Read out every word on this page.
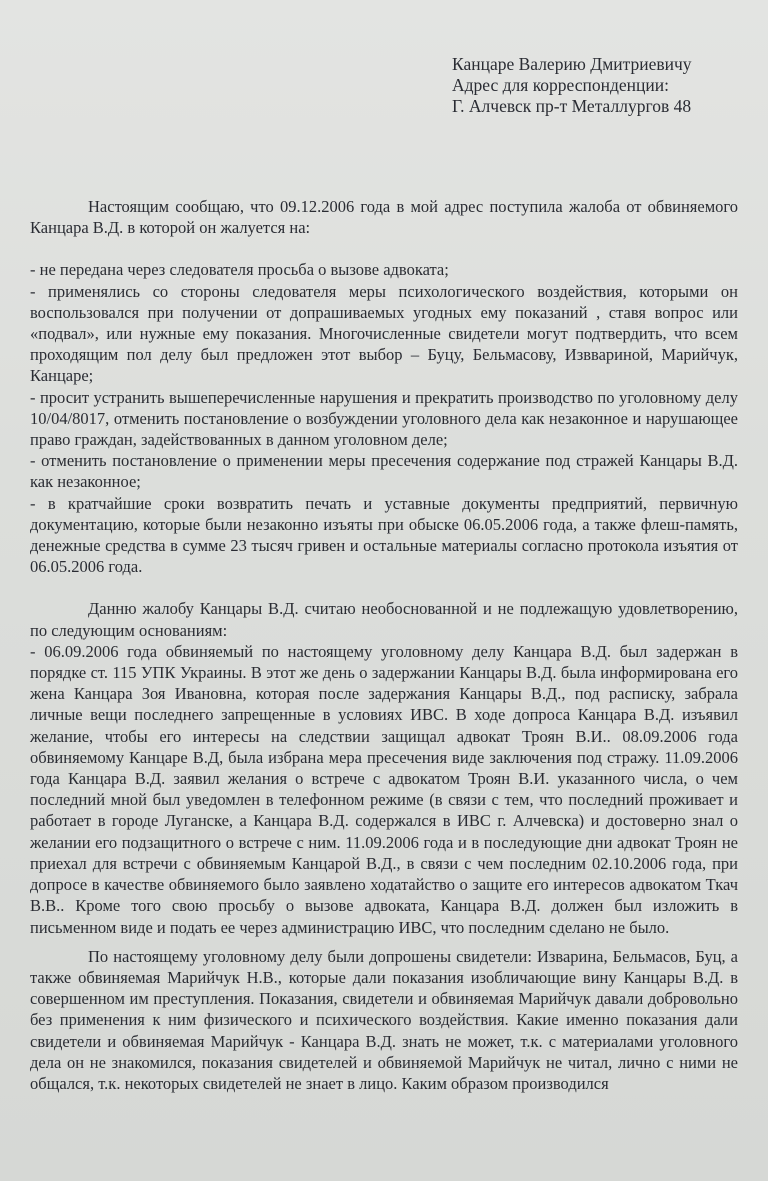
Канцаре Валерию Дмитриевичу
Адрес для корреспонденции:
Г. Алчевск пр-т Металлургов 48

Настоящим сообщаю, что 09.12.2006 года в мой адрес поступила жалоба от обвиняемого Канцара В.Д. в которой он жалуется на:

- не передана через следователя просьба о вызове адвоката;

- применялись со стороны следователя меры психологического воздействия, которыми он воспользовался при получении от допрашиваемых угодных ему показаний , ставя вопрос или «подвал», или нужные ему показания. Многочисленные свидетели могут подтвердить, что всем проходящим пол делу был предложен этот выбор – Буцу, Бельмасову, Изввариной, Марийчук, Канцаре;

- просит устранить вышеперечисленные нарушения и прекратить производство по уголовному делу 10/04/8017, отменить постановление о возбуждении уголовного дела как незаконное и нарушающее право граждан, задействованных в данном уголовном деле;

- отменить постановление о применении меры пресечения содержание под стражей Канцары В.Д. как незаконное;

- в кратчайшие сроки возвратить печать и уставные документы предприятий, первичную документацию, которые были незаконно изъяты при обыске 06.05.2006 года, а также флеш-память, денежные средства в сумме 23 тысяч гривен и остальные материалы согласно протокола изъятия от 06.05.2006 года.

Данню жалобу Канцары В.Д. считаю необоснованной и не подлежащую удовлетворению, по следующим основаниям:

- 06.09.2006 года обвиняемый по настоящему уголовному делу Канцара В.Д. был задержан в порядке ст. 115 УПК Украины. В этот же день о задержании Канцары В.Д. была информирована его жена Канцара Зоя Ивановна, которая после задержания Канцары В.Д., под расписку, забрала личные вещи последнего запрещенные в условиях ИВС. В ходе допроса Канцара В.Д. изъявил желание, чтобы его интересы на следствии защищал адвокат Троян В.И.. 08.09.2006 года обвиняемому Канцаре В.Д, была избрана мера пресечения виде заключения под стражу. 11.09.2006 года Канцара В.Д. заявил желания о встрече с адвокатом Троян В.И. указанного числа, о чем последний мной был уведомлен в телефонном режиме (в связи с тем, что последний проживает и работает в городе Луганске, а Канцара В.Д. содержался в ИВС г. Алчевска) и достоверно знал о желании его подзащитного о встрече с ним. 11.09.2006 года и в последующие дни адвокат Троян не приехал для встречи с обвиняемым Канцарой В.Д., в связи с чем последним 02.10.2006 года, при допросе в качестве обвиняемого было заявлено ходатайство о защите его интересов адвокатом Ткач В.В.. Кроме того свою просьбу о вызове адвоката, Канцара В.Д. должен был изложить в письменном виде и подать ее через администрацию ИВС, что последним сделано не было.

По настоящему уголовному делу были допрошены свидетели: Изварина, Бельмасов, Буц, а также обвиняемая Марийчук Н.В., которые дали показания изобличающие вину Канцары В.Д. в совершенном им преступления. Показания, свидетели и обвиняемая Марийчук давали добровольно без применения к ним физического и психического воздействия. Какие именно показания дали свидетели и обвиняемая Марийчук - Канцара В.Д. знать не может, т.к. с материалами уголовного дела он не знакомился, показания свидетелей и обвиняемой Марийчук не читал, лично с ними не общался, т.к. некоторых свидетелей не знает в лицо. Каким образом производился
